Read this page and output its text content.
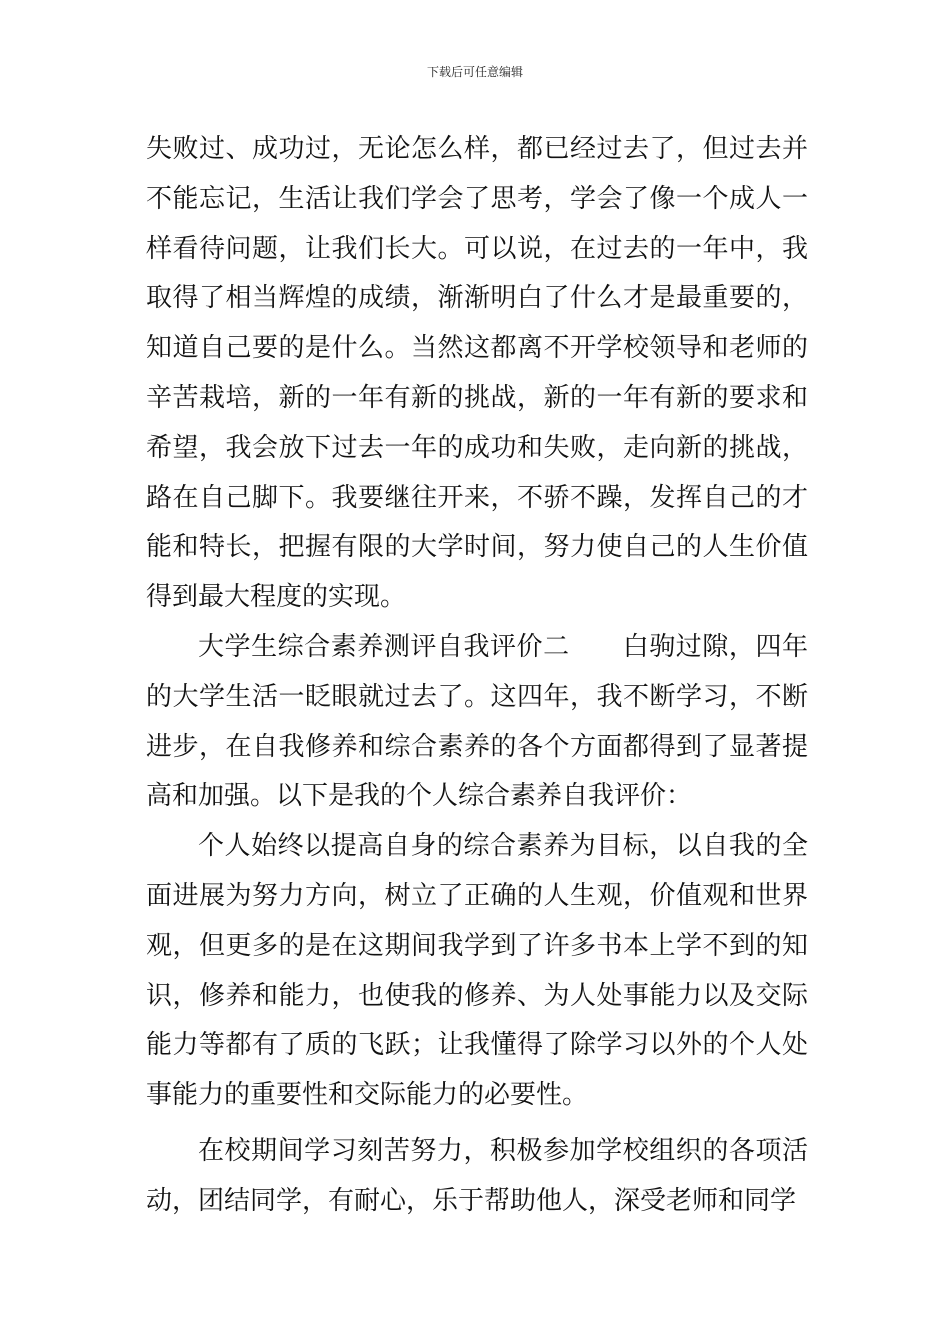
下载后可任意编辑

失败过、成功过，无论怎么样，都已经过去了，但过去并不能忘记，生活让我们学会了思考，学会了像一个成人一样看待问题，让我们长大。可以说，在过去的一年中，我取得了相当辉煌的成绩，渐渐明白了什么才是最重要的，知道自己要的是什么。当然这都离不开学校领导和老师的辛苦栽培，新的一年有新的挑战，新的一年有新的要求和希望，我会放下过去一年的成功和失败，走向新的挑战，路在自己脚下。我要继往开来，不骄不躁，发挥自己的才能和特长，把握有限的大学时间，努力使自己的人生价值得到最大程度的实现。

大学生综合素养测评自我评价二　　白驹过隙，四年的大学生活一眨眼就过去了。这四年，我不断学习，不断进步，在自我修养和综合素养的各个方面都得到了显著提高和加强。以下是我的个人综合素养自我评价：

个人始终以提高自身的综合素养为目标，以自我的全面进展为努力方向，树立了正确的人生观，价值观和世界观，但更多的是在这期间我学到了许多书本上学不到的知识，修养和能力，也使我的修养、为人处事能力以及交际能力等都有了质的飞跃；让我懂得了除学习以外的个人处事能力的重要性和交际能力的必要性。

在校期间学习刻苦努力，积极参加学校组织的各项活动，团结同学，有耐心，乐于帮助他人，深受老师和同学
